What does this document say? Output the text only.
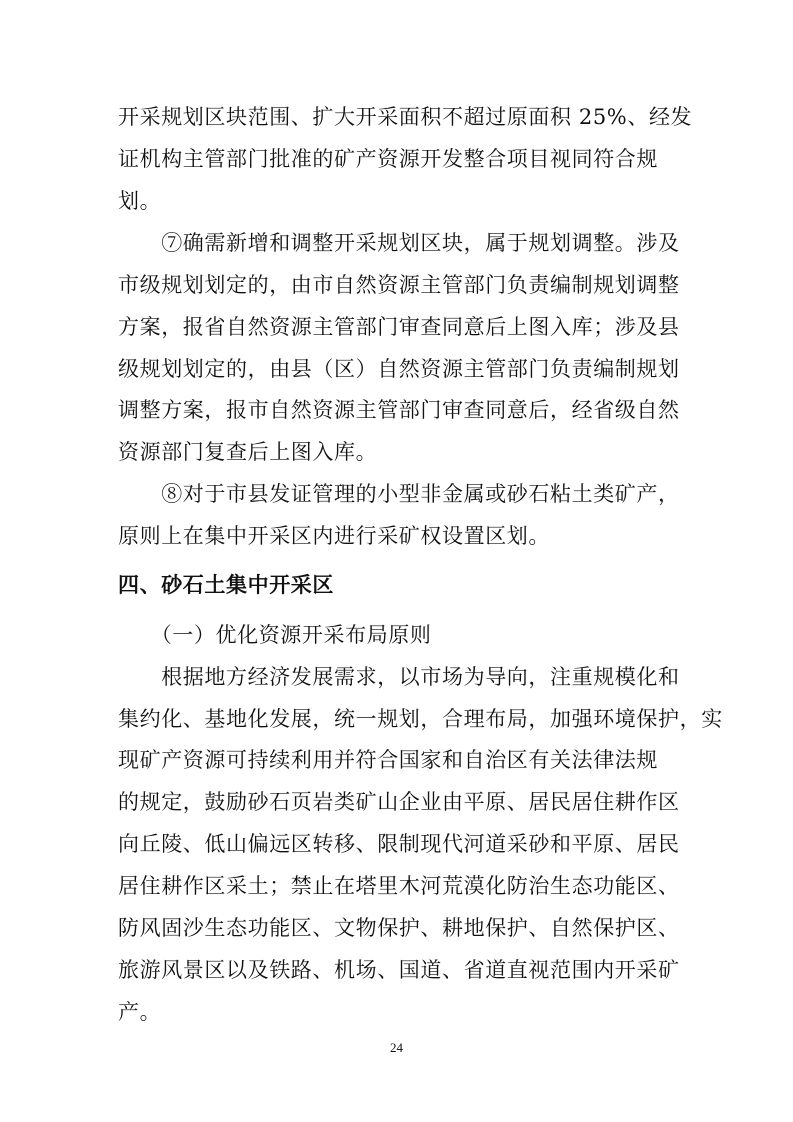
开采规划区块范围、扩大开采面积不超过原面积 25%、经发
证机构主管部门批准的矿产资源开发整合项目视同符合规
划。
　　⑦确需新增和调整开采规划区块，属于规划调整。涉及
市级规划划定的，由市自然资源主管部门负责编制规划调整
方案，报省自然资源主管部门审查同意后上图入库；涉及县
级规划划定的，由县（区）自然资源主管部门负责编制规划
调整方案，报市自然资源主管部门审查同意后，经省级自然
资源部门复查后上图入库。
　　⑧对于市县发证管理的小型非金属或砂石粘土类矿产，
原则上在集中开采区内进行采矿权设置区划。
四、砂石土集中开采区
　　（一）优化资源开采布局原则
　　根据地方经济发展需求，以市场为导向，注重规模化和
集约化、基地化发展，统一规划，合理布局，加强环境保护，实
现矿产资源可持续利用并符合国家和自治区有关法律法规
的规定，鼓励砂石页岩类矿山企业由平原、居民居住耕作区
向丘陵、低山偏远区转移、限制现代河道采砂和平原、居民
居住耕作区采土；禁止在塔里木河荒漠化防治生态功能区、
防风固沙生态功能区、文物保护、耕地保护、自然保护区、
旅游风景区以及铁路、机场、国道、省道直视范围内开采矿
产。
24
